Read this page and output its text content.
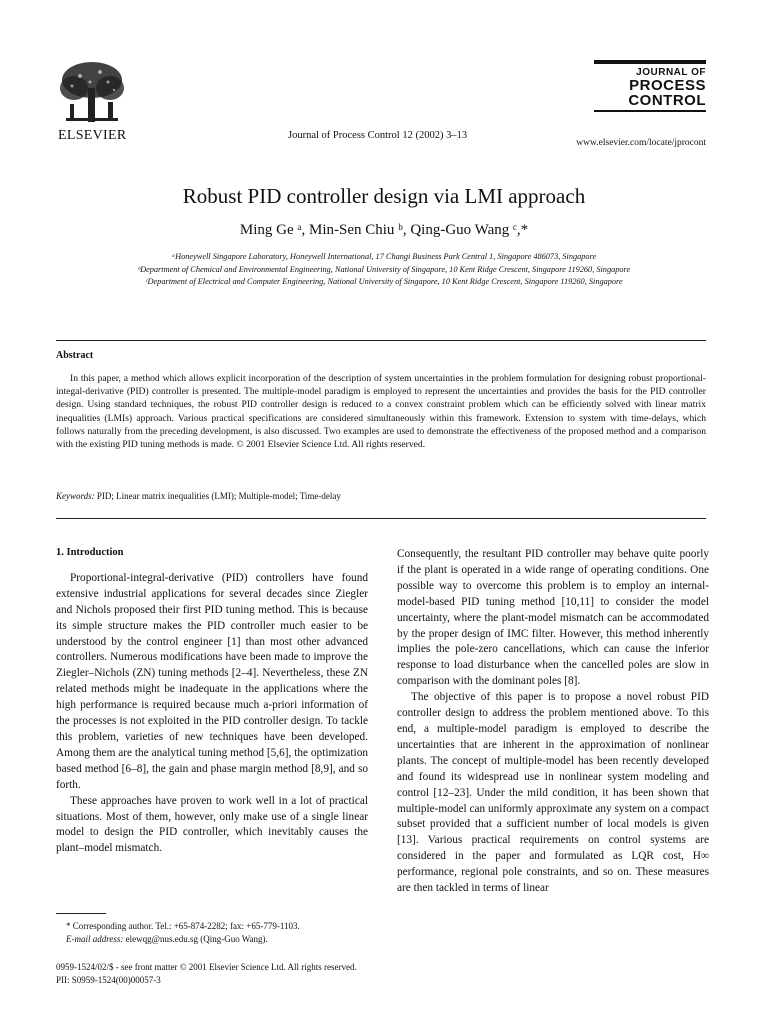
ELSEVIER	Journal of Process Control 12 (2002) 3–13
JOURNAL OF
PROCESS
CONTROL
www.elsevier.com/locate/jprocont
Robust PID controller design via LMI approach
Ming Ge ᵃ, Min-Sen Chiu ᵇ, Qing-Guo Wang ᶜ,*
ᵃHoneywell Singapore Laboratory, Honeywell International, 17 Changi Business Park Central 1, Singapore 486073, Singapore
ᵇDepartment of Chemical and Environmental Engineering, National University of Singapore, 10 Kent Ridge Crescent, Singapore 119260, Singapore
ᶜDepartment of Electrical and Computer Engineering, National University of Singapore, 10 Kent Ridge Crescent, Singapore 119260, Singapore
Abstract
In this paper, a method which allows explicit incorporation of the description of system uncertainties in the problem formulation for designing robust proportional-integal-derivative (PID) controller is presented. The multiple-model paradigm is employed to represent the uncertainties and provides the basis for the PID controller design. Using standard techniques, the robust PID controller design is reduced to a convex constraint problem which can be efficiently solved with linear matrix inequalities (LMIs) approach. Various practical specifications are considered simultaneously within this framework. Extension to system with time-delays, which follows naturally from the preceding development, is also discussed. Two examples are used to demonstrate the effectiveness of the proposed method and a comparison with the existing PID tuning methods is made. © 2001 Elsevier Science Ltd. All rights reserved.
Keywords: PID; Linear matrix inequalities (LMI); Multiple-model; Time-delay
1. Introduction

Proportional-integral-derivative (PID) controllers have found extensive industrial applications for several decades since Ziegler and Nichols proposed their first PID tuning method. This is because its simple structure makes the PID controller much easier to be understood by the control engineer [1] than most other advanced controllers. Numerous modifications have been made to improve the Ziegler–Nichols (ZN) tuning methods [2–4]. Nevertheless, these ZN related methods might be inadequate in the applications where the high performance is required because much a-priori information of the processes is not exploited in the PID controller design. To tackle this problem, varieties of new techniques have been developed. Among them are the analytical tuning method [5,6], the optimization based method [6–8], the gain and phase margin method [8,9], and so forth.

These approaches have proven to work well in a lot of practical situations. Most of them, however, only make use of a single linear model to design the PID controller, which inevitably causes the plant–model mismatch.

Consequently, the resultant PID controller may behave quite poorly if the plant is operated in a wide range of operating conditions. One possible way to overcome this problem is to employ an internal-model-based PID tuning method [10,11] to consider the model uncertainty, where the plant-model mismatch can be accommodated by the proper design of IMC filter. However, this method inherently implies the pole-zero cancellations, which can cause the inferior response to load disturbance when the cancelled poles are slow in comparison with the dominant poles [8].

The objective of this paper is to propose a novel robust PID controller design to address the problem mentioned above. To this end, a multiple-model paradigm is employed to describe the uncertainties that are inherent in the approximation of nonlinear plants. The concept of multiple-model has been recently developed and found its widespread use in nonlinear system modeling and control [12–23]. Under the mild condition, it has been shown that multiple-model can uniformly approximate any system on a compact subset provided that a sufficient number of local models is given [13]. Various practical requirements on control systems are considered in the paper and formulated as LQR cost, H∞ performance, regional pole constraints, and so on. These measures are then tackled in terms of linear

* Corresponding author. Tel.: +65-874-2282; fax: +65-779-1103.
E-mail address: elewqg@nus.edu.sg (Qing-Guo Wang).
0959-1524/02/$ - see front matter © 2001 Elsevier Science Ltd. All rights reserved.
PII: S0959-1524(00)00057-3
